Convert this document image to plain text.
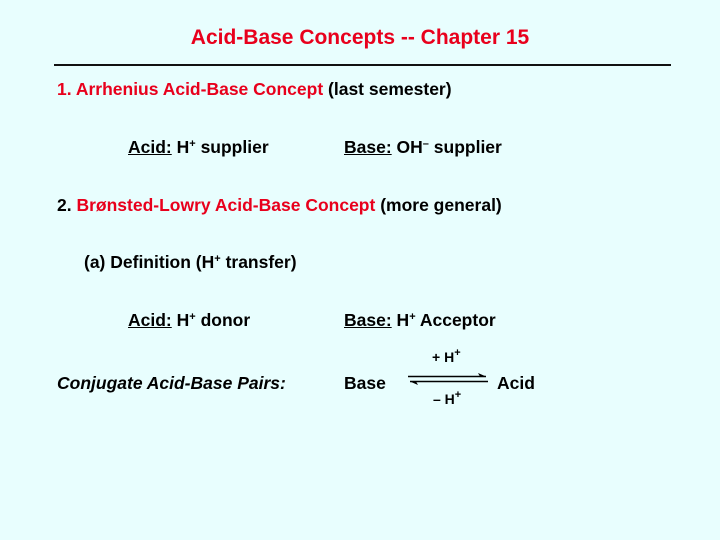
Acid-Base Concepts -- Chapter 15
1. Arrhenius Acid-Base Concept (last semester)
Acid: H+ supplier	Base: OH– supplier
2. Brønsted-Lowry Acid-Base Concept (more general)
(a) Definition (H+ transfer)
Acid: H+ donor	Base: H+ Acceptor
+ H+
Conjugate Acid-Base Pairs:	Base	Acid
– H+
